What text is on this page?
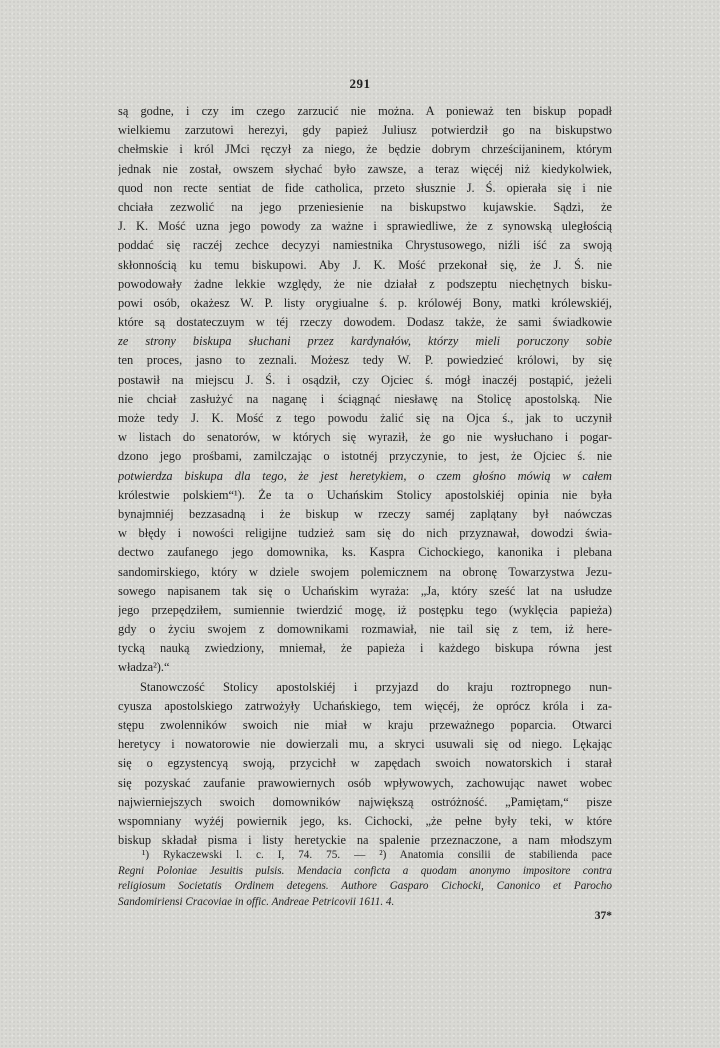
291
są godne, i czy im czego zarzucić nie można. A ponieważ ten biskup popadł
wielkiemu zarzutowi herezyi, gdy papież Juliusz potwierdził go na biskupstwo
chełmskie i król JMci ręczył za niego, że będzie dobrym chrześcijaninem, którym
jednak nie został, owszem słychać było zawsze, a teraz więcéj niż kiedykolwiek,
quod non recte sentiat de fide catholica, przeto słusznie J. Ś. opierała się i nie
chciała zezwolić na jego przeniesienie na biskupstwo kujawskie. Sądzi, że
J. K. Mość uzna jego powody za ważne i sprawiedliwe, że z synowską uległością
poddać się raczéj zechce decyzyi namiestnika Chrystusowego, niźli iść za swoją
skłonnością ku temu biskupowi. Aby J. K. Mość przekonał się, że J. Ś. nie
powodowały żadne lekkie względy, że nie działał z podszeptu niechętnych bisku-
powi osób, okażesz W. P. listy orygiualne ś. p. królowéj Bony, matki królewskiéj,
które są dostateczuym w téj rzeczy dowodem. Dodasz także, że sami świadkowie
ze strony biskupa słuchani przez kardynałów, którzy mieli poruczony sobie
ten proces, jasno to zeznali. Możesz tedy W. P. powiedzieć królowi, by się
postawił na miejscu J. Ś. i osądził, czy Ojciec ś. mógł inaczéj postąpić, jeżeli
nie chciał zasłużyć na naganę i ściągnąć niesławę na Stolicę apostolską. Nie
może tedy J. K. Mość z tego powodu żalić się na Ojca ś., jak to uczynił
w listach do senatorów, w których się wyraził, że go nie wysłuchano i pogar-
dzono jego prośbami, zamilczając o istotnéj przyczynie, to jest, że Ojciec ś. nie
potwierdza biskupa dla tego, że jest heretykiem, o czem głośno mówią w całem
królestwie polskiem“¹). Że ta o Uchańskim Stolicy apostolskiéj opinia nie była
bynajmniéj bezzasadną i że biskup w rzeczy saméj zaplątany był naówczas
w błędy i nowości religijne tudzież sam się do nich przyznawał, dowodzi świa-
dectwo zaufanego jego domownika, ks. Kaspra Cichockiego, kanonika i plebana
sandomirskiego, który w dziele swojem polemicznem na obronę Towarzystwa Jezu-
sowego napisanem tak się o Uchańskim wyraża: „Ja, który sześć lat na usłudze
jego przepędziłem, sumiennie twierdzić mogę, iż postępku tego (wyklęcia papieża)
gdy o życiu swojem z domownikami rozmawiał, nie tail się z tem, iż here-
tycką nauką zwiedziony, mniemał, że papieża i każdego biskupa równa jest
władza²).“
Stanowczość Stolicy apostolskiéj i przyjazd do kraju roztropnego nun-
cyusza apostolskiego zatrwożyły Uchańskiego, tem więcéj, że oprócz króla i za-
stępu zwolenników swoich nie miał w kraju przeważnego poparcia. Otwarci
heretycy i nowatorowie nie dowierzali mu, a skryci usuwali się od niego. Lękając
się o egzystencyą swoją, przycichł w zapędach swoich nowatorskich i starał
się pozyskać zaufanie prawowiernych osób wpływowych, zachowując nawet wobec
najwierniejszych swoich domowników największą ostróżność. „Pamiętam,“ pisze
wspomniany wyżéj powiernik jego, ks. Cichocki, „że pełne były teki, w które
biskup składał pisma i listy heretyckie na spalenie przeznaczone, a nam młodszym
¹) Rykaczewski l. c. I, 74. 75. — ²) Anatomia consilii de stabilienda pace
Regni Poloniae Jesuitis pulsis. Mendacia conficta a quodam anonymo impositore contra
religiosum Societatis Ordinem detegens. Authore Gasparo Cichocki, Canonico et Parocho
Sandomiriensi Cracoviae in offic. Andreae Petricovii 1611. 4.
37*
